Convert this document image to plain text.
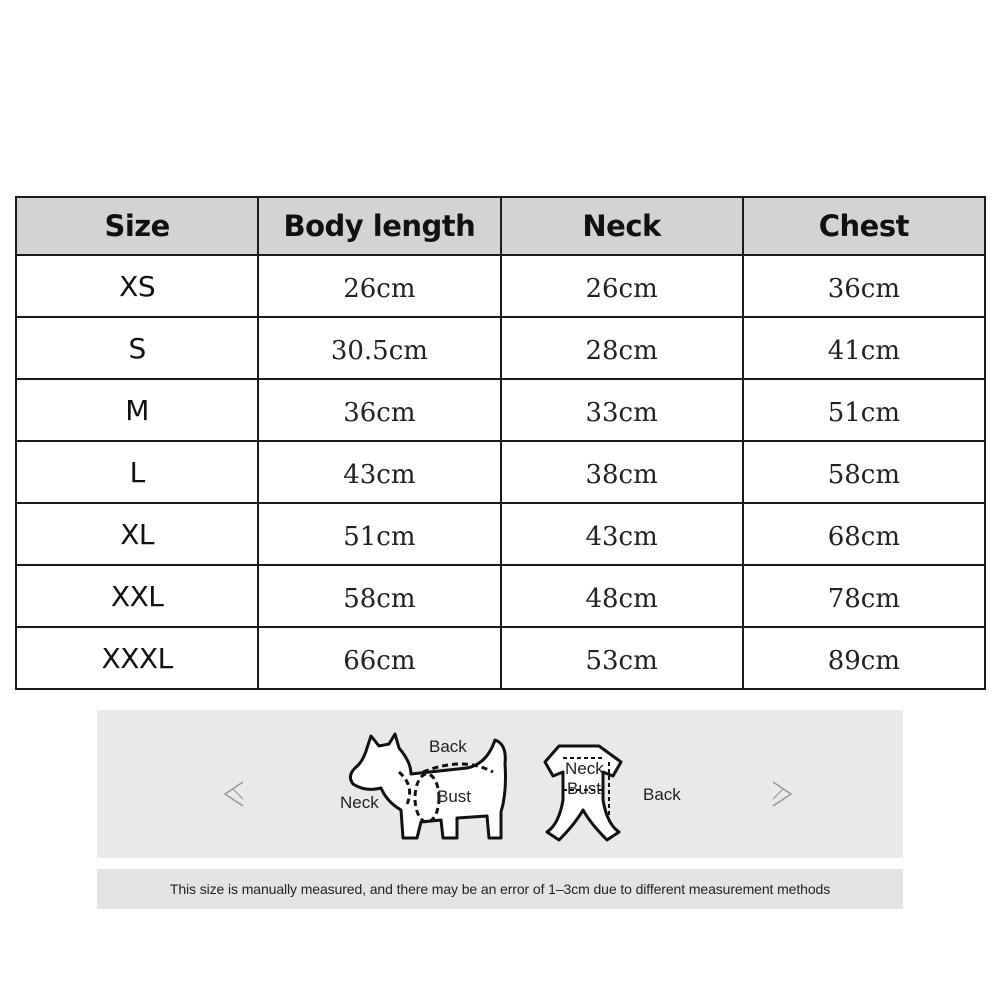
Size	Body length	Neck	Chest
XS	26cm	26cm	36cm
S	30.5cm	28cm	41cm
M	36cm	33cm	51cm
L	43cm	38cm	58cm
XL	51cm	43cm	68cm
XXL	58cm	48cm	78cm
XXXL	66cm	53cm	89cm
Back
Neck	Bust
Neck
Bust Back
This size is manually measured, and there may be an error of 1–3cm due to different measurement methods
